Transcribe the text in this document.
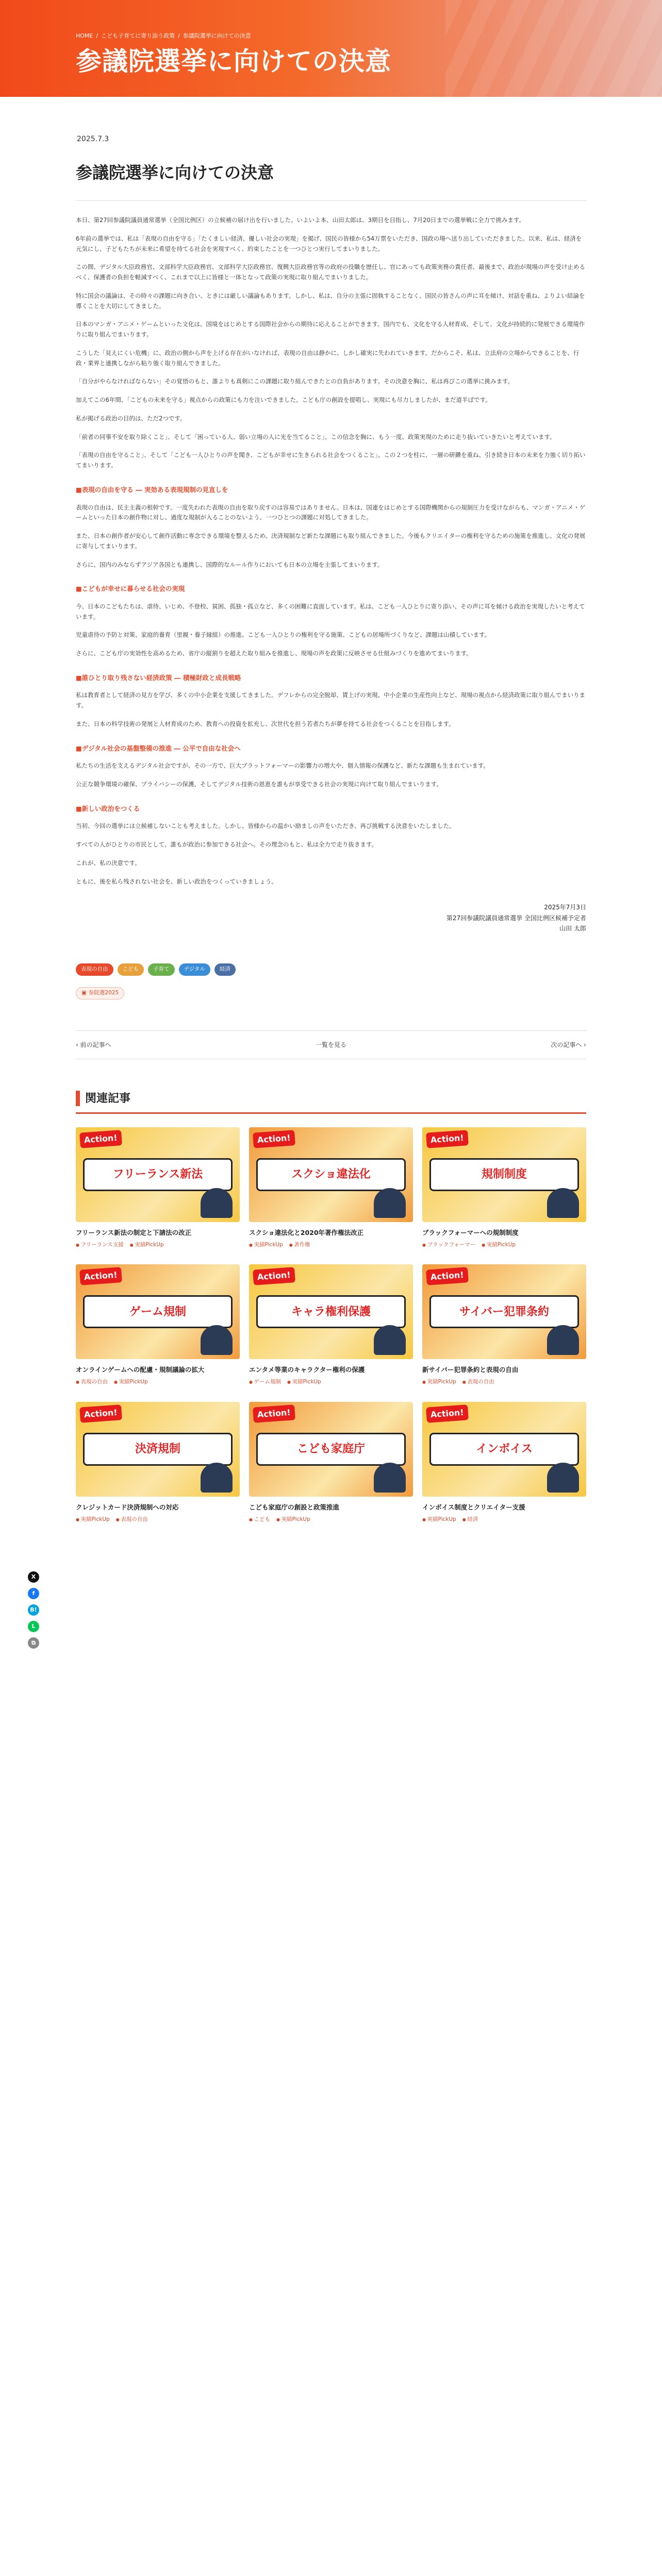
HOME / こども子育てに寄り添う政策 / 参議院選挙に向けての決意
参議院選挙に向けての決意
X
f
B!
L
⧉
2025.7.3
参議院選挙に向けての決意

本日、第27回参議院議員通常選挙（全国比例区）の立候補の届け出を行いました。いよいよ本、山田太郎は、3期目を目指し、7月20日までの選挙戦に全力で挑みます。

6年前の選挙では、私は「表現の自由を守る」「たくましい経済、優しい社会の実現」を掲げ、国民の皆様から54万票をいただき、国政の場へ送り出していただきました。以来、私は、経済を元気にし、子どもたちが未来に希望を持てる社会を実現すべく、約束したことを一つひとつ実行してまいりました。

この間、デジタル大臣政務官、文部科学大臣政務官、文部科学大臣政務官、復興大臣政務官等の政府の役職を歴任し、官にあっても政策実務の責任者、最後まで、政治が現場の声を受け止めるべく、保護者の負担を軽減すべく、これまで以上に皆様と一体となって政策の実現に取り組んでまいりました。

特に国会の議論は、その時々の課題に向き合い、ときには厳しい議論もあります。しかし、私は、自分の主張に固執することなく、国民の皆さんの声に耳を傾け、対話を重ね、よりよい結論を導くことを大切にしてきました。

日本のマンガ・アニメ・ゲームといった文化は、国境をはじめとする国際社会からの期待に応えることができます。国内でも、文化を守る人材育成、そして、文化が持続的に発展できる環境作りに取り組んでまいります。

こうした「見えにくい危機」に、政治の側から声を上げる存在がいなければ、表現の自由は静かに、しかし確実に失われていきます。だからこそ、私は、立法府の立場からできることを、行政・業界と連携しながら粘り強く取り組んできました。

「自分がやらなければならない」その覚悟のもと、誰よりも真剣にこの課題に取り組んできたとの自負があります。その決意を胸に、私は再びこの選挙に挑みます。

加えてこの6年間、「こどもの未来を守る」視点からの政策にも力を注いできました。こども庁の創設を提唱し、実現にも尽力しましたが、まだ道半ばです。

私が掲げる政治の目的は、ただ2つです。

「前者の同事不安を取り除くこと」、そして「困っている人、弱い立場の人に光を当てること」。この信念を胸に、もう一度、政策実現のために走り抜いていきたいと考えています。

「表現の自由を守ること」、そして「こども一人ひとりの声を聞き、こどもが幸せに生きられる社会をつくること」。この２つを柱に、一層の研鑽を重ね、引き続き日本の未来を力強く切り拓いてまいります。

■表現の自由を守る ― 実効ある表現規制の見直しを

表現の自由は、民主主義の根幹です。一度失われた表現の自由を取り戻すのは容易ではありません。日本は、国連をはじめとする国際機関からの規制圧力を受けながらも、マンガ・アニメ・ゲームといった日本の創作物に対し、過度な規制が入ることのないよう、一つひとつの課題に対処してきました。

また、日本の創作者が安心して創作活動に専念できる環境を整えるため、決済規制など新たな課題にも取り組んできました。今後もクリエイターの権利を守るための施策を推進し、文化の発展に寄与してまいります。

さらに、国内のみならずアジア各国とも連携し、国際的なルール作りにおいても日本の立場を主張してまいります。

■こどもが幸せに暮らせる社会の実現

今、日本のこどもたちは、虐待、いじめ、不登校、貧困、孤独・孤立など、多くの困難に直面しています。私は、こども一人ひとりに寄り添い、その声に耳を傾ける政治を実現したいと考えています。

児童虐待の予防と対策、家庭的養育（里親・養子縁組）の推進、こども一人ひとりの権利を守る施策、こどもの居場所づくりなど、課題は山積しています。

さらに、こども庁の実効性を高めるため、省庁の縦割りを超えた取り組みを推進し、現場の声を政策に反映させる仕組みづくりを進めてまいります。

■誰ひとり取り残さない経済政策 ― 積極財政と成長戦略

私は教育者として経済の見方を学び、多くの中小企業を支援してきました。デフレからの完全脱却、賃上げの実現、中小企業の生産性向上など、現場の視点から経済政策に取り組んでまいります。

また、日本の科学技術の発展と人材育成のため、教育への投資を拡充し、次世代を担う若者たちが夢を持てる社会をつくることを目指します。

■デジタル社会の基盤整備の推進 ― 公平で自由な社会へ

私たちの生活を支えるデジタル社会ですが、その一方で、巨大プラットフォーマーの影響力の増大や、個人情報の保護など、新たな課題も生まれています。

公正な競争環境の確保、プライバシーの保護、そしてデジタル技術の恩恵を誰もが享受できる社会の実現に向けて取り組んでまいります。

■新しい政治をつくる

当初、今回の選挙には立候補しないことも考えました。しかし、皆様からの温かい励ましの声をいただき、再び挑戦する決意をいたしました。

すべての人がひとりの市民として、誰もが政治に参加できる社会へ。その理念のもと、私は全力で走り抜きます。

これが、私の決意です。

ともに、後を私ら残されない社会を、新しい政治をつくっていきましょう。

2025年7月3日
第27回参議院議員通常選挙 全国比例区候補予定者
山田 太郎
表現の自由	こども	子育て	デジタル	経済
▣ 参院選2025
‹ 前の記事へ	一覧を見る	次の記事へ ›
関連記事
Action!
フリーランス新法
フリーランス新法の制定と下請法の改正
● フリーランス支援	● 実績PickUp
Action!
スクショ違法化
スクショ違法化と2020年著作権法改正
● 実績PickUp	● 著作権
Action!
規制制度
ブラックフォーマーへの規制制度
● ブラックフォーマー	● 実績PickUp
Action!
ゲーム規制
オンラインゲームへの配慮・規制議論の拡大
● 表現の自由	● 実績PickUp
Action!
キャラ権利保護
エンタメ等業のキャラクター権利の保護
● ゲーム規制	● 実績PickUp
Action!
サイバー犯罪条約
新サイバー犯罪条約と表現の自由
● 実績PickUp	● 表現の自由
Action!
決済規制
クレジットカード決済規制への対応
● 実績PickUp	● 表現の自由
Action!
こども家庭庁
こども家庭庁の創設と政策推進
● こども	● 実績PickUp
Action!
インボイス
インボイス制度とクリエイター支援
● 実績PickUp	● 経済
